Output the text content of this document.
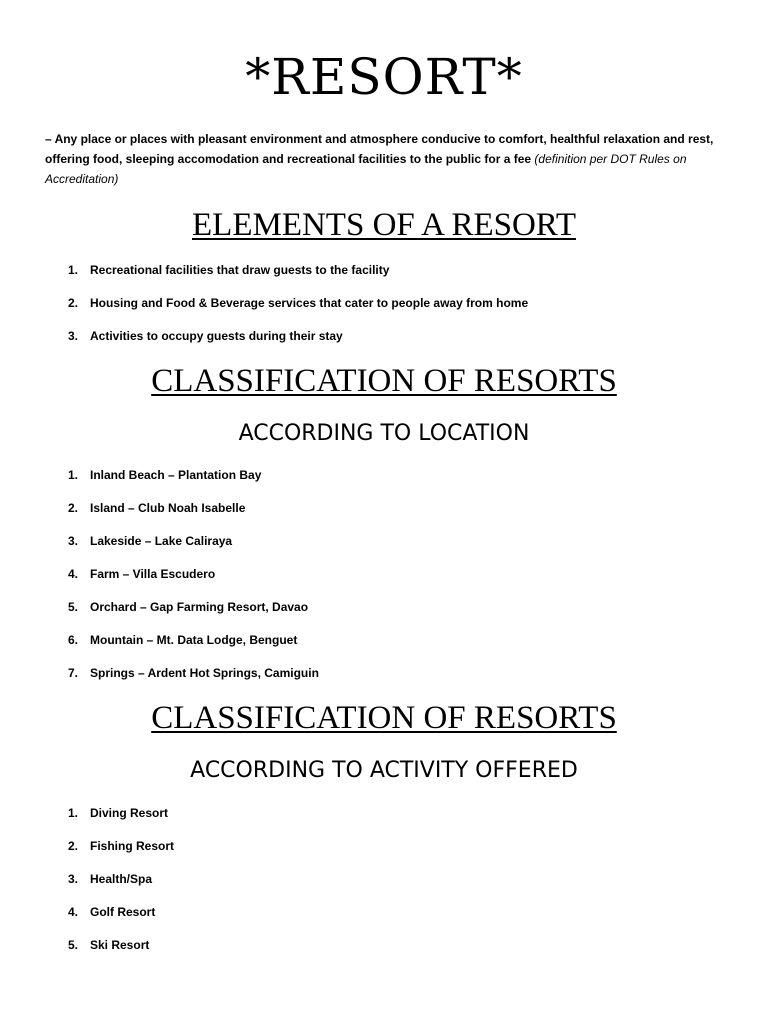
*RESORT*

– Any place or places with pleasant environment and atmosphere conducive to comfort, healthful relaxation and rest, offering food, sleeping accomodation and recreational facilities to the public for a fee (definition per DOT Rules on Accreditation)

ELEMENTS OF A RESORT
1. Recreational facilities that draw guests to the facility
2. Housing and Food & Beverage services that cater to people away from home
3. Activities to occupy guests during their stay
CLASSIFICATION OF RESORTS
ACCORDING TO LOCATION
1. Inland Beach – Plantation Bay
2. Island – Club Noah Isabelle
3. Lakeside – Lake Caliraya
4. Farm – Villa Escudero
5. Orchard – Gap Farming Resort, Davao
6. Mountain – Mt. Data Lodge, Benguet
7. Springs – Ardent Hot Springs, Camiguin
CLASSIFICATION OF RESORTS
ACCORDING TO ACTIVITY OFFERED
1. Diving Resort
2. Fishing Resort
3. Health/Spa
4. Golf Resort
5. Ski Resort
